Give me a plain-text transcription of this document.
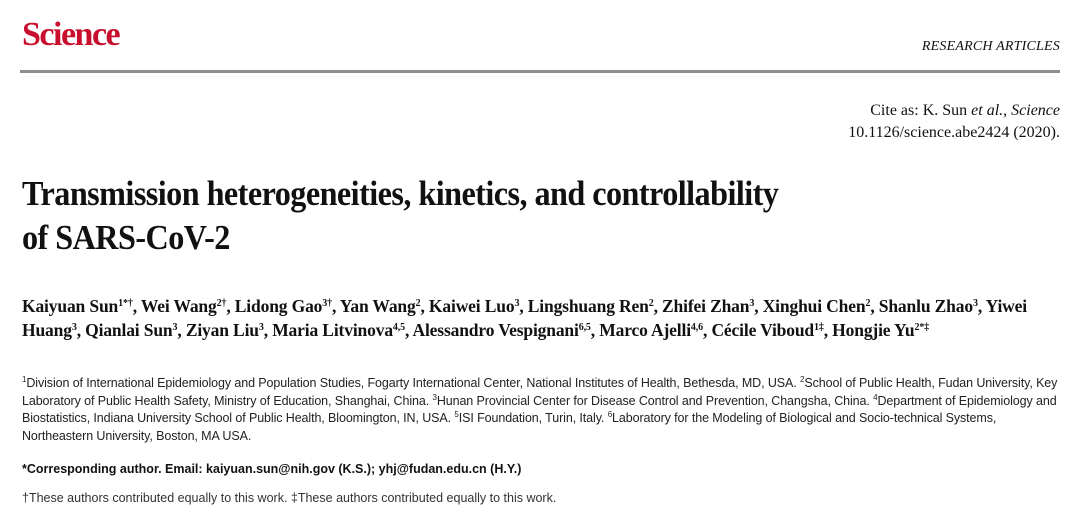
Science	RESEARCH ARTICLES
Cite as: K. Sun et al., Science
10.1126/science.abe2424 (2020).
Transmission heterogeneities, kinetics, and controllability
of SARS-CoV-2
Kaiyuan Sun$^{1*\dagger}$, Wei Wang$^{2\dagger}$, Lidong Gao$^{3\dagger}$, Yan Wang$^2$, Kaiwei Luo$^3$, Lingshuang Ren$^2$, Zhifei Zhan$^3$, Xinghui Chen$^2$, Shanlu Zhao$^3$, Yiwei Huang$^3$, Qianlai Sun$^3$, Ziyan Liu$^3$, Maria Litvinova$^{4,5}$, Alessandro Vespignani$^{6,5}$, Marco Ajelli$^{4,6}$, Cécile Viboud$^{1\ddagger}$, Hongjie $Yu^{2*\ddagger}$
$^1$Division of International Epidemiology and Population Studies, Fogarty International Center, National Institutes of Health, Bethesda, MD, USA. $^2$School of Public Health, Fudan University, Key Laboratory of Public Health Safety, Ministry of Education, Shanghai, China. $^3$Hunan Provincial Center for Disease Control and Prevention, Changsha, China. $^4$Department of Epidemiology and Biostatistics, Indiana University School of Public Health, Bloomington, IN, USA. $^5$ISI Foundation, Turin, Italy. $^6$Laboratory for the Modeling of Biological and Socio-technical Systems, Northeastern University, Boston, MA USA.
*Corresponding author. Email: kaiyuan.sun@nih.gov (K.S.); yhj@fudan.edu.cn (H.Y.)
†These authors contributed equally to this work. ‡These authors contributed equally to this work.
